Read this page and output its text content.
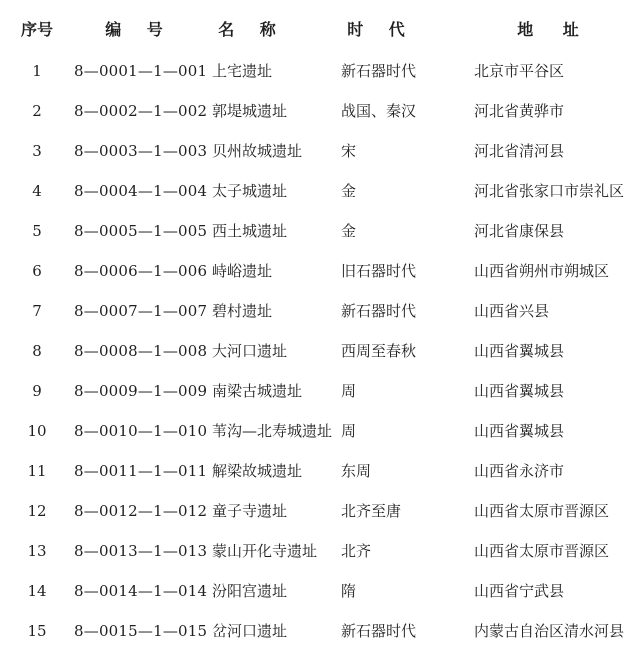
序号	编 号	名 称	时 代	地 址
1	8—0001—1—001 上宅遗址	新石器时代	北京市平谷区
2	8—0002—1—002 郭堤城遗址	战国、秦汉	河北省黄骅市
3	8—0003—1—003 贝州故城遗址	宋	河北省清河县
4	8—0004—1—004 太子城遗址	金	河北省张家口市崇礼区
5	8—0005—1—005 西土城遗址	金	河北省康保县
6	8—0006—1—006 峙峪遗址	旧石器时代	山西省朔州市朔城区
7	8—0007—1—007 碧村遗址	新石器时代	山西省兴县
8	8—0008—1—008 大河口遗址	西周至春秋	山西省翼城县
9	8—0009—1—009 南梁古城遗址	周	山西省翼城县
10	8—0010—1—010 苇沟—北寿城遗址 周	山西省翼城县
11	8—0011—1—011 解梁故城遗址	东周	山西省永济市
12	8—0012—1—012 童子寺遗址	北齐至唐	山西省太原市晋源区
13	8—0013—1—013 蒙山开化寺遗址	北齐	山西省太原市晋源区
14	8—0014—1—014 汾阳宫遗址	隋	山西省宁武县
15	8—0015—1—015 岔河口遗址	新石器时代	内蒙古自治区清水河县
